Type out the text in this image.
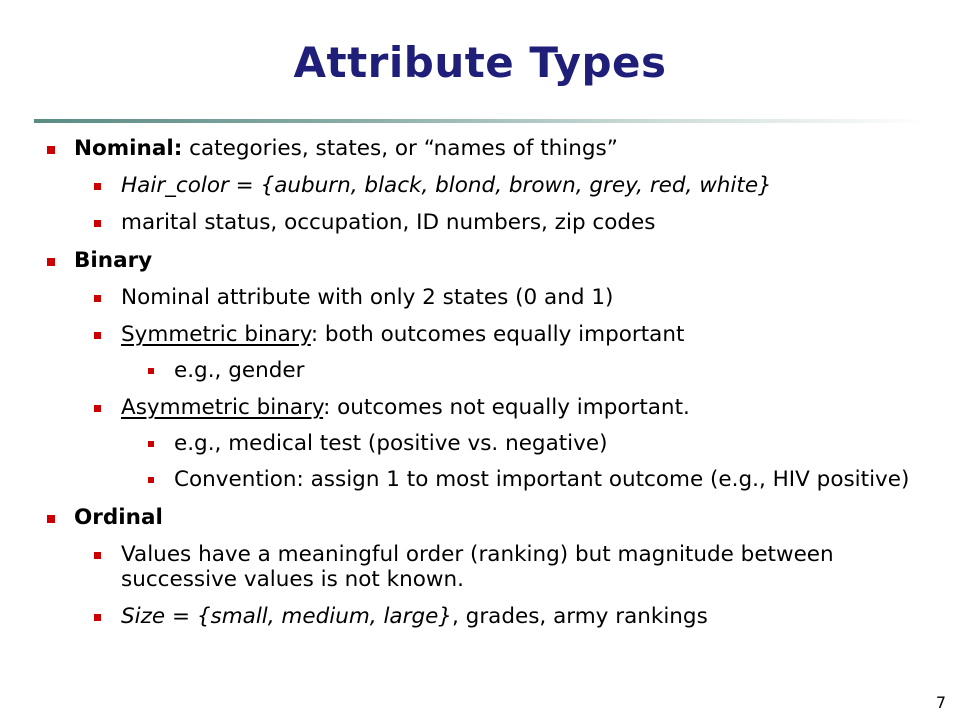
Attribute Types
Nominal: categories, states, or “names of things”
Hair_color = {auburn, black, blond, brown, grey, red, white}
marital status, occupation, ID numbers, zip codes
Binary
Nominal attribute with only 2 states (0 and 1)
Symmetric binary: both outcomes equally important
e.g., gender
Asymmetric binary: outcomes not equally important.
e.g., medical test (positive vs. negative)
Convention: assign 1 to most important outcome (e.g., HIV positive)
Ordinal
Values have a meaningful order (ranking) but magnitude between successive values is not known.
Size = {small, medium, large}, grades, army rankings
7
